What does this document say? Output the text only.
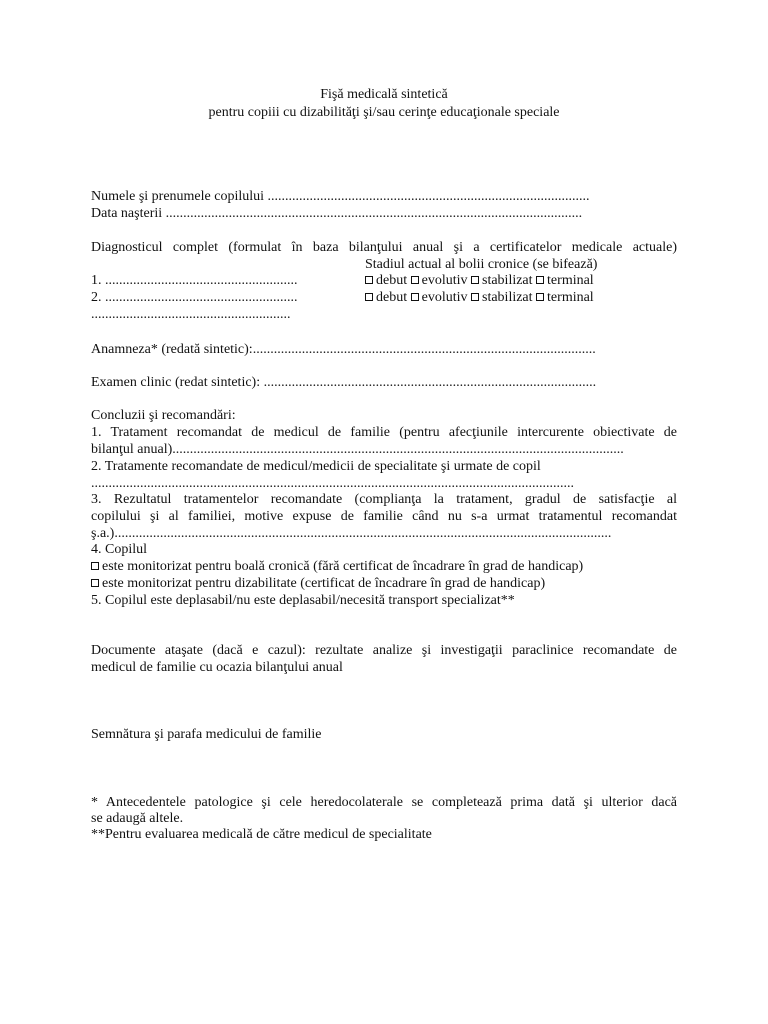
Fişă medicală sintetică
pentru copiii cu dizabilităţi şi/sau cerinţe educaţionale speciale
Numele şi prenumele copilului ............................................................................................
Data naşterii .......................................................................................................................
Diagnosticul complet (formulat în baza bilanţului anual şi a certificatelor medicale actuale)
Stadiul actual al bolii cronice (se bifează)
1. .......................................................	debut evolutiv stabilizat terminal
2. .......................................................	debut evolutiv stabilizat terminal
.........................................................
Anamneza* (redată sintetic):..................................................................................................
Examen clinic (redat sintetic): ...............................................................................................
Concluzii şi recomandări:
1. Tratament recomandat de medicul de familie (pentru afecţiunile intercurente obiectivate de
bilanţul anual).................................................................................................................................
2. Tratamente recomandate de medicul/medicii de specialitate şi urmate de copil
..........................................................................................................................................
3. Rezultatul tratamentelor recomandate (complianţa la tratament, gradul de satisfacţie al
copilului şi al familiei, motive expuse de familie când nu s-a urmat tratamentul recomandat
ş.a.)..............................................................................................................................................
4. Copilul
este monitorizat pentru boală cronică (fără certificat de încadrare în grad de handicap)
este monitorizat pentru dizabilitate (certificat de încadrare în grad de handicap)
5. Copilul este deplasabil/nu este deplasabil/necesită transport specializat**
Documente ataşate (dacă e cazul): rezultate analize şi investigaţii paraclinice recomandate de
medicul de familie cu ocazia bilanţului anual
Semnătura şi parafa medicului de familie
* Antecedentele patologice şi cele heredocolaterale se completează prima dată şi ulterior dacă
se adaugă altele.
**Pentru evaluarea medicală de către medicul de specialitate
